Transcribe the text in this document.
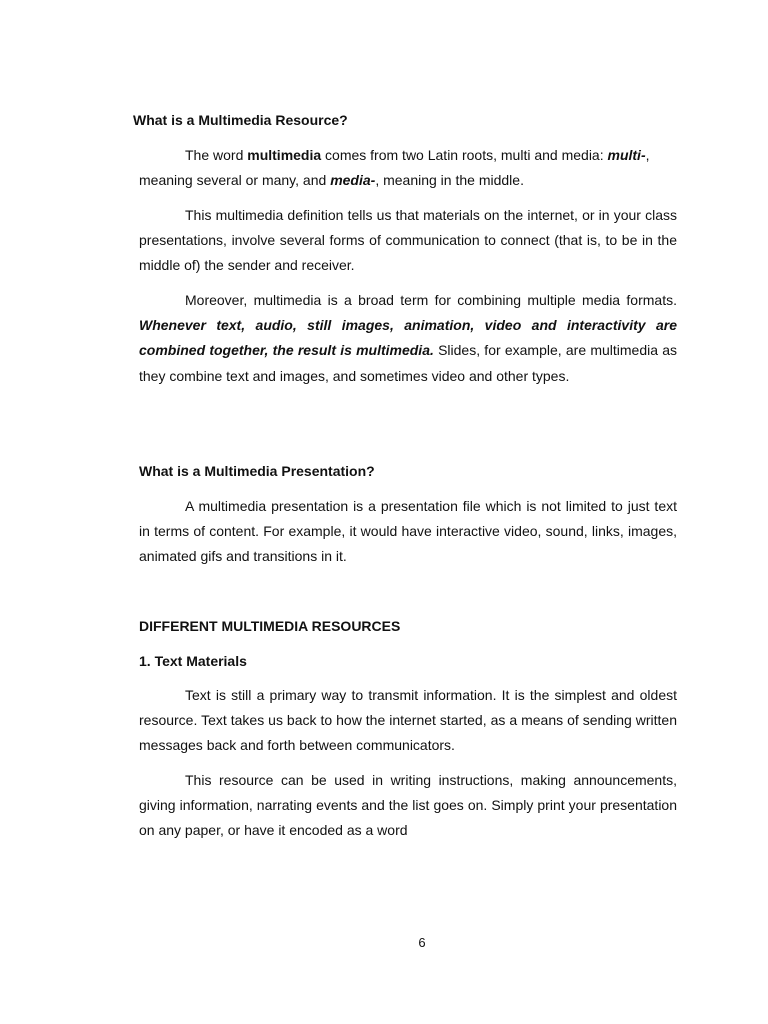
What is a Multimedia Resource?

The word multimedia comes from two Latin roots, multi and media: multi-, meaning several or many, and media-, meaning in the middle.

This multimedia definition tells us that materials on the internet, or in your class presentations, involve several forms of communication to connect (that is, to be in the middle of) the sender and receiver.

Moreover, multimedia is a broad term for combining multiple media formats. Whenever text, audio, still images, animation, video and interactivity are combined together, the result is multimedia. Slides, for example, are multimedia as they combine text and images, and sometimes video and other types.

What is a Multimedia Presentation?

A multimedia presentation is a presentation file which is not limited to just text in terms of content. For example, it would have interactive video, sound, links, images, animated gifs and transitions in it.

DIFFERENT MULTIMEDIA RESOURCES
1. Text Materials

Text is still a primary way to transmit information. It is the simplest and oldest resource. Text takes us back to how the internet started, as a means of sending written messages back and forth between communicators.

This resource can be used in writing instructions, making announcements, giving information, narrating events and the list goes on. Simply print your presentation on any paper, or have it encoded as a word

6
